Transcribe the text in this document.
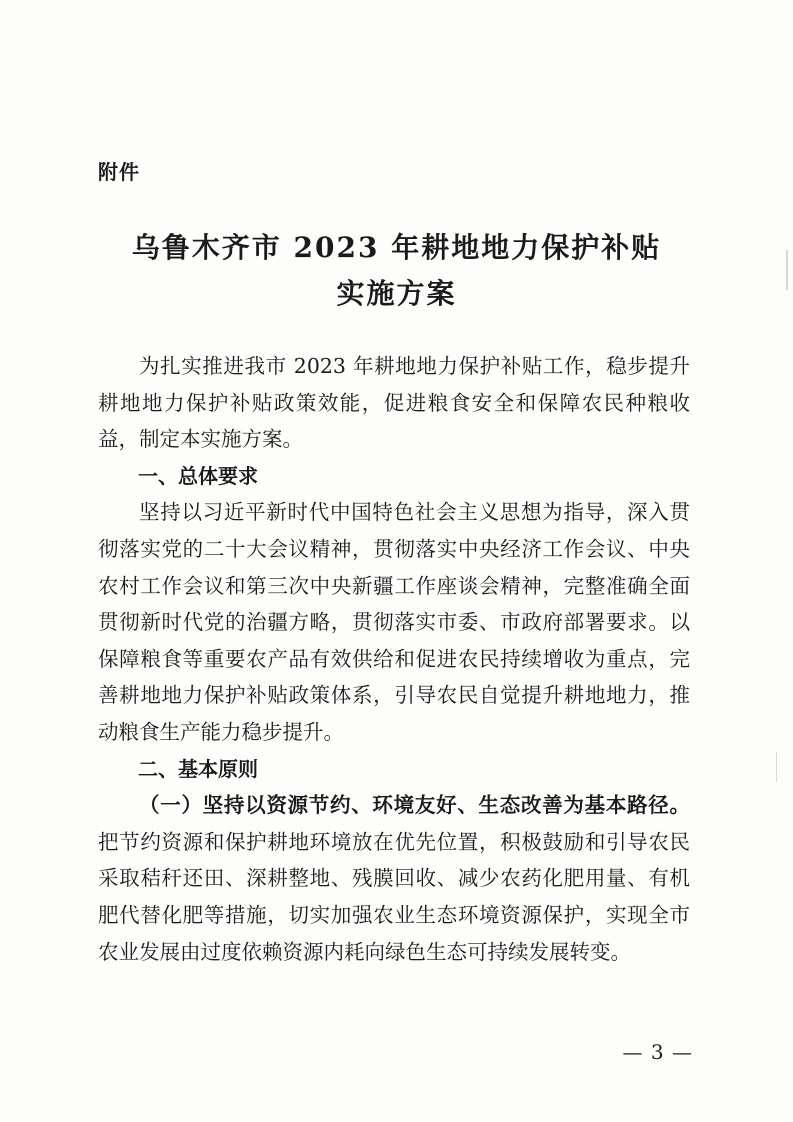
附件
乌鲁木齐市 2023 年耕地地力保护补贴
实施方案

为扎实推进我市 2023 年耕地地力保护补贴工作，稳步提升耕地地力保护补贴政策效能，促进粮食安全和保障农民种粮收益，制定本实施方案。

一、总体要求

坚持以习近平新时代中国特色社会主义思想为指导，深入贯彻落实党的二十大会议精神，贯彻落实中央经济工作会议、中央农村工作会议和第三次中央新疆工作座谈会精神，完整准确全面贯彻新时代党的治疆方略，贯彻落实市委、市政府部署要求。以保障粮食等重要农产品有效供给和促进农民持续增收为重点，完善耕地地力保护补贴政策体系，引导农民自觉提升耕地地力，推动粮食生产能力稳步提升。

二、基本原则

（一）坚持以资源节约、环境友好、生态改善为基本路径。把节约资源和保护耕地环境放在优先位置，积极鼓励和引导农民采取秸秆还田、深耕整地、残膜回收、减少农药化肥用量、有机肥代替化肥等措施，切实加强农业生态环境资源保护，实现全市农业发展由过度依赖资源内耗向绿色生态可持续发展转变。

— 3 —
